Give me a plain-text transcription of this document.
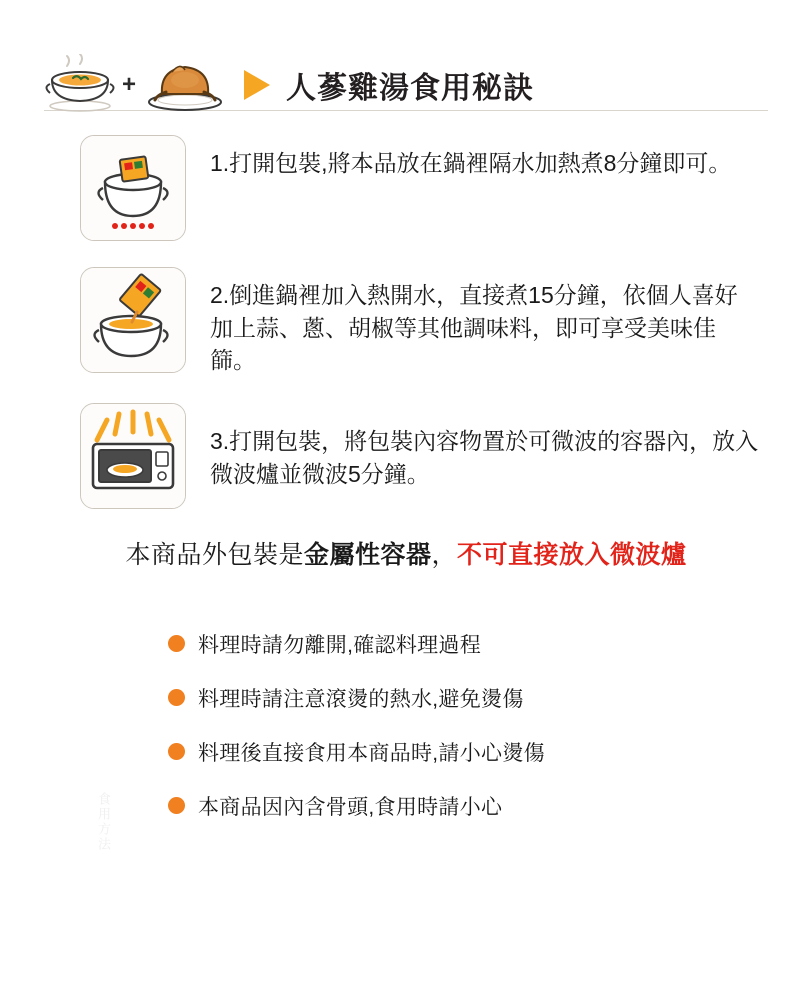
+	人蔘雞湯食用秘訣
1.打開包裝,將本品放在鍋裡隔水加熱煮8分鐘即可。
2.倒進鍋裡加入熱開水，直接煮15分鐘，依個人喜好加上蒜、蔥、胡椒等其他調味料，即可享受美味佳篩。
3.打開包裝，將包裝內容物置於可微波的容器內，放入微波爐並微波5分鐘。
本商品外包裝是金屬性容器，不可直接放入微波爐
料理時請勿離開,確認料理過程
料理時請注意滾燙的熱水,避免燙傷
料理後直接食用本商品時,請小心燙傷
本商品因內含骨頭,食用時請小心
食用方法
